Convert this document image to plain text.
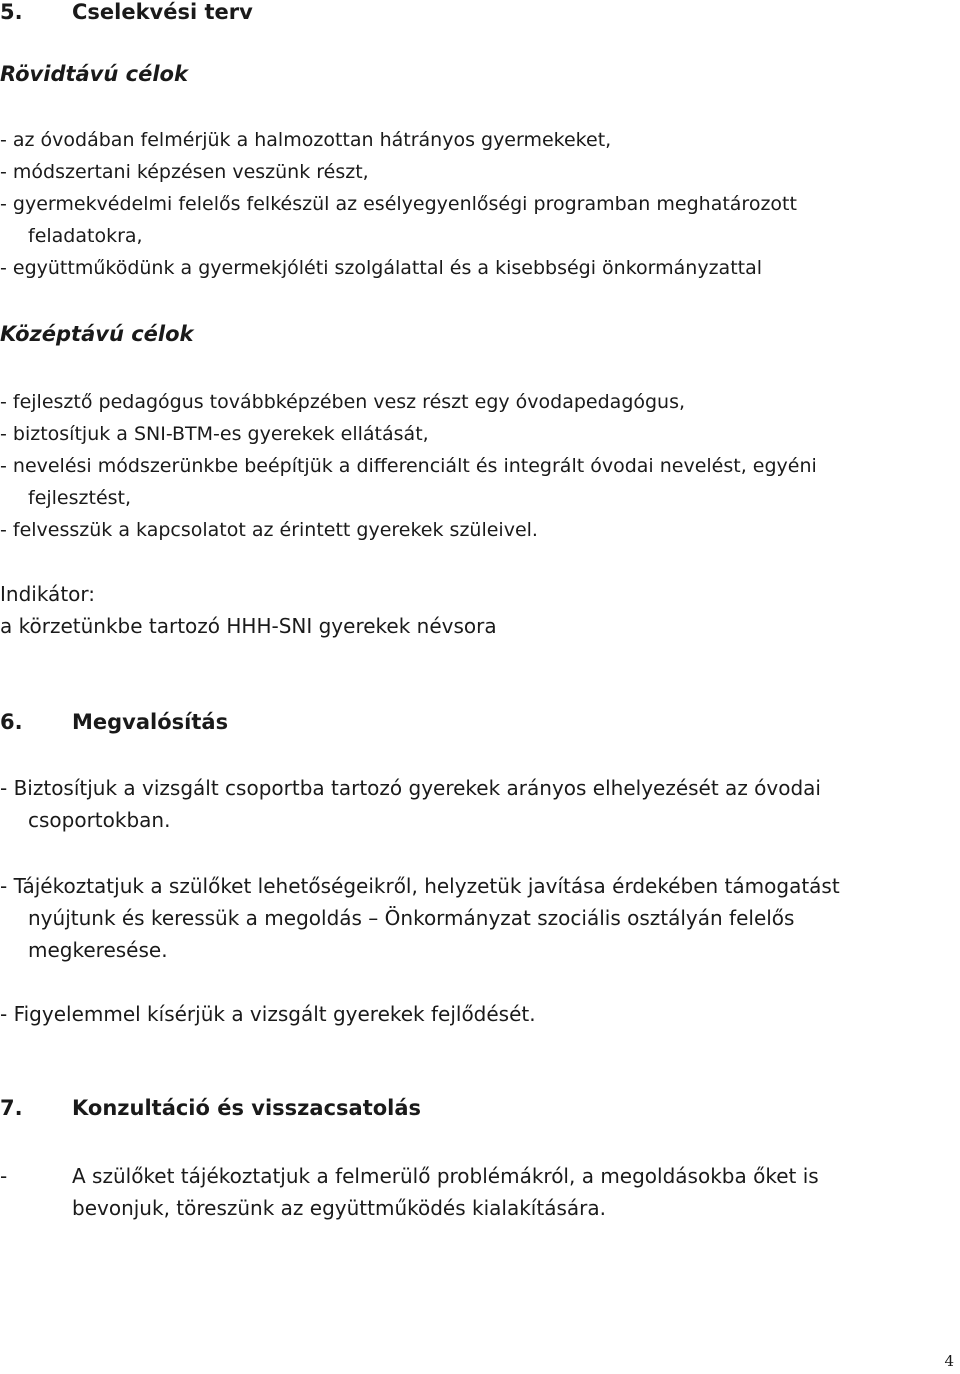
5. Cselekvési terv
Rövidtávú célok
- az óvodában felmérjük a halmozottan hátrányos gyermekeket,
- módszertani képzésen veszünk részt,
- gyermekvédelmi felelős felkészül az esélyegyenlőségi programban meghatározott
feladatokra,
- együttműködünk a gyermekjóléti szolgálattal és a kisebbségi önkormányzattal
Középtávú célok
- fejlesztő pedagógus továbbképzében vesz részt egy óvodapedagógus,
- biztosítjuk a SNI-BTM-es gyerekek ellátását,
- nevelési módszerünkbe beépítjük a differenciált és integrált óvodai nevelést, egyéni
fejlesztést,
- felvesszük a kapcsolatot az érintett gyerekek szüleivel.
Indikátor:
a körzetünkbe tartozó HHH-SNI gyerekek névsora
6. Megvalósítás
- Biztosítjuk a vizsgált csoportba tartozó gyerekek arányos elhelyezését az óvodai
csoportokban.
- Tájékoztatjuk a szülőket lehetőségeikről, helyzetük javítása érdekében támogatást
nyújtunk és keressük a megoldás – Önkormányzat szociális osztályán felelős
megkeresése.
- Figyelemmel kísérjük a vizsgált gyerekek fejlődését.
7. Konzultáció és visszacsatolás
-	A szülőket tájékoztatjuk a felmerülő problémákról, a megoldásokba őket is
bevonjuk, töreszünk az együttműködés kialakítására.
4
